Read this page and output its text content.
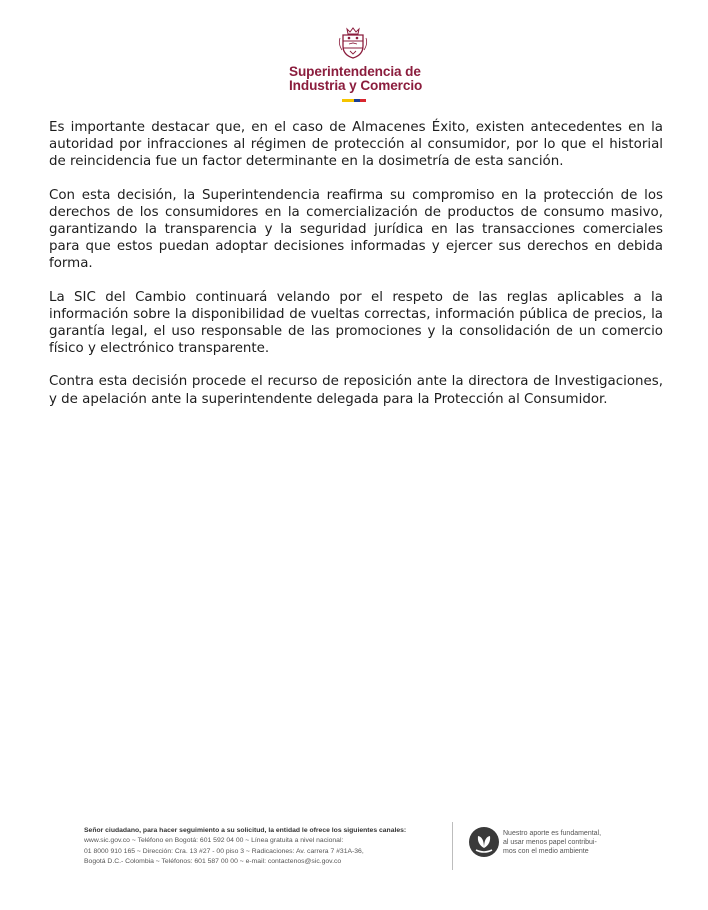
Superintendencia de
Industria y Comercio

Es importante destacar que, en el caso de Almacenes Éxito, existen antecedentes en la autoridad por infracciones al régimen de protección al consumidor, por lo que el historial de reincidencia fue un factor determinante en la dosimetría de esta sanción.

Con esta decisión, la Superintendencia reafirma su compromiso en la protección de los derechos de los consumidores en la comercialización de productos de consumo masivo, garantizando la transparencia y la seguridad jurídica en las transacciones comerciales para que estos puedan adoptar decisiones informadas y ejercer sus derechos en debida forma.

La SIC del Cambio continuará velando por el respeto de las reglas aplicables a la información sobre la disponibilidad de vueltas correctas, información pública de precios, la garantía legal, el uso responsable de las promociones y la consolidación de un comercio físico y electrónico transparente.

Contra esta decisión procede el recurso de reposición ante la directora de Investigaciones, y de apelación ante la superintendente delegada para la Protección al Consumidor.

Señor ciudadano, para hacer seguimiento a su solicitud, la entidad le ofrece los siguientes canales: www.sic.gov.co ~ Teléfono en Bogotá: 601 592 04 00 ~ Línea gratuita a nivel nacional:
01 8000 910 165 ~ Dirección: Cra. 13 #27 - 00 piso 3 ~ Radicaciones: Av. carrera 7 #31A-36,
Bogotá D.C.- Colombia ~ Teléfonos: 601 587 00 00 ~ e-mail: contactenos@sic.gov.co
Nuestro aporte es fundamental,
al usar menos papel contribui-
mos con el medio ambiente
